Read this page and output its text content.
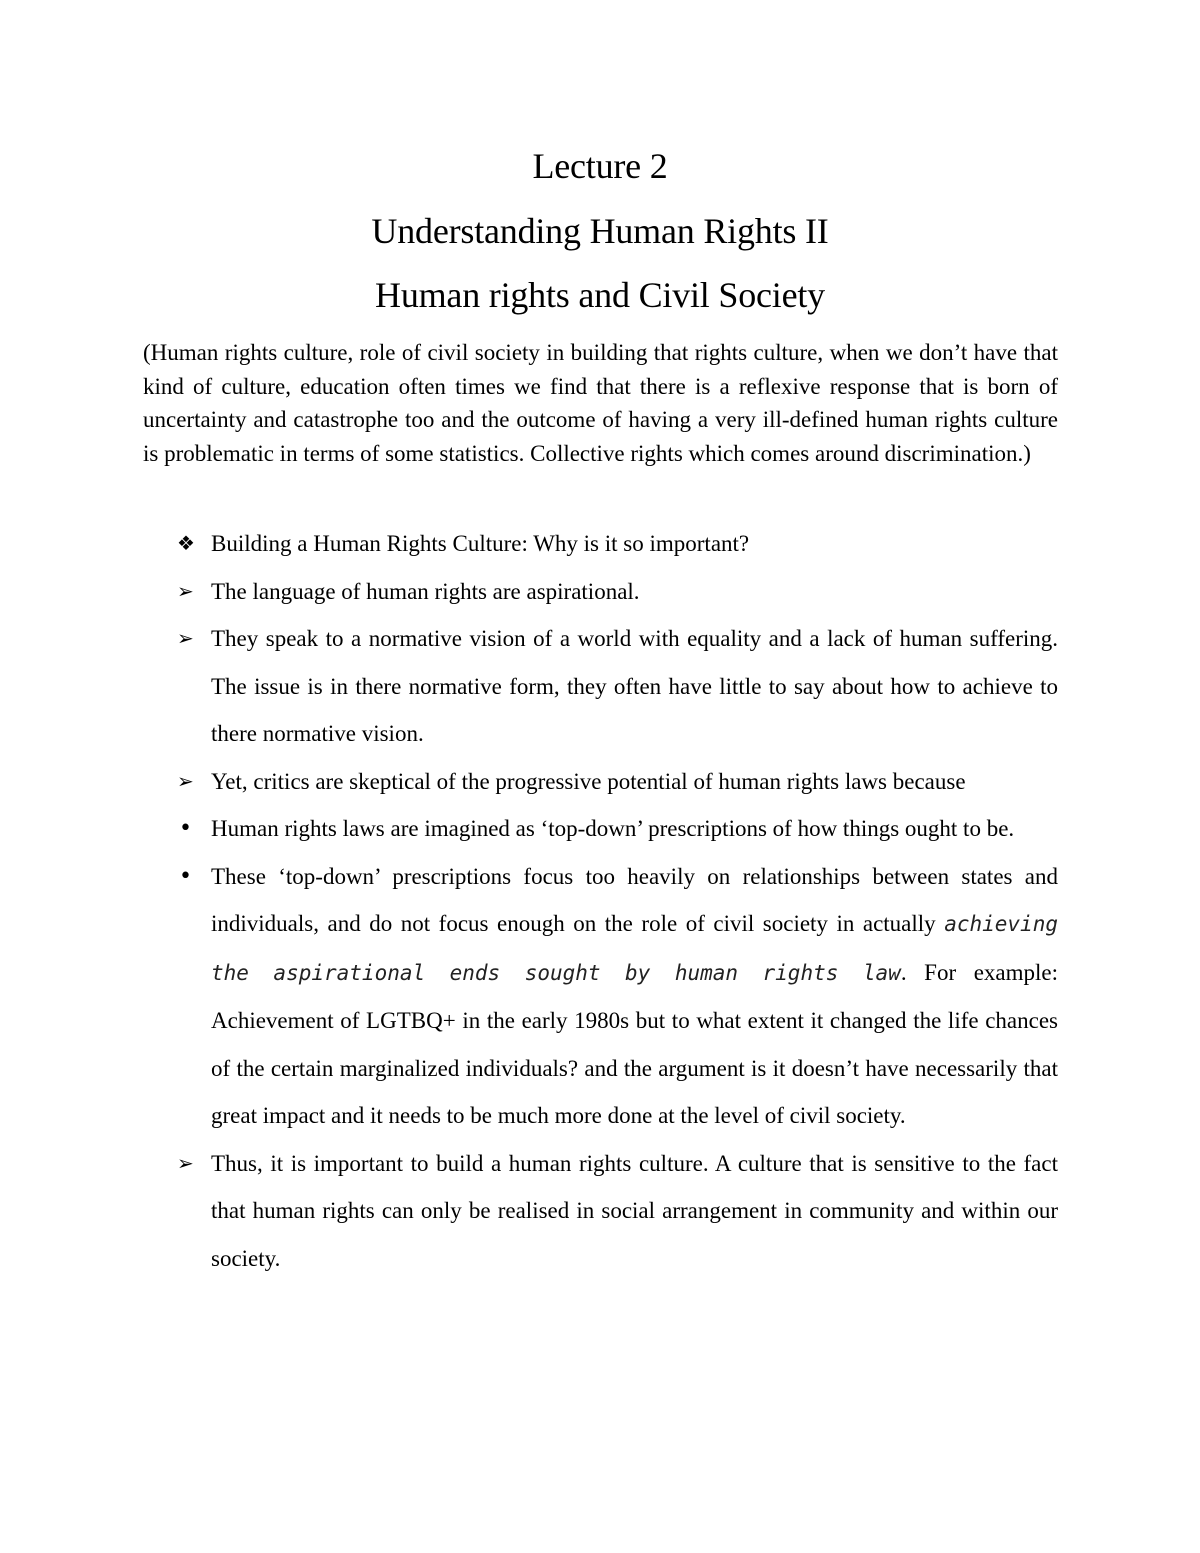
Lecture 2
Understanding Human Rights II
Human rights and Civil Society

(Human rights culture, role of civil society in building that rights culture, when we don’t have that kind of culture, education often times we find that there is a reflexive response that is born of uncertainty and catastrophe too and the outcome of having a very ill-defined human rights culture is problematic in terms of some statistics. Collective rights which comes around discrimination.)

❖ Building a Human Rights Culture: Why is it so important?
➢ The language of human rights are aspirational.
➢ They speak to a normative vision of a world with equality and a lack of human suffering. The issue is in there normative form, they often have little to say about how to achieve to there normative vision.
➢ Yet, critics are skeptical of the progressive potential of human rights laws because
• Human rights laws are imagined as ‘top-down’ prescriptions of how things ought to be.
• These ‘top-down’ prescriptions focus too heavily on relationships between states and individuals, and do not focus enough on the role of civil society in actually achieving the aspirational ends sought by human rights law. For example: Achievement of LGTBQ+ in the early 1980s but to what extent it changed the life chances of the certain marginalized individuals? and the argument is it doesn’t have necessarily that great impact and it needs to be much more done at the level of civil society.
➢ Thus, it is important to build a human rights culture. A culture that is sensitive to the fact that human rights can only be realised in social arrangement in community and within our society.
